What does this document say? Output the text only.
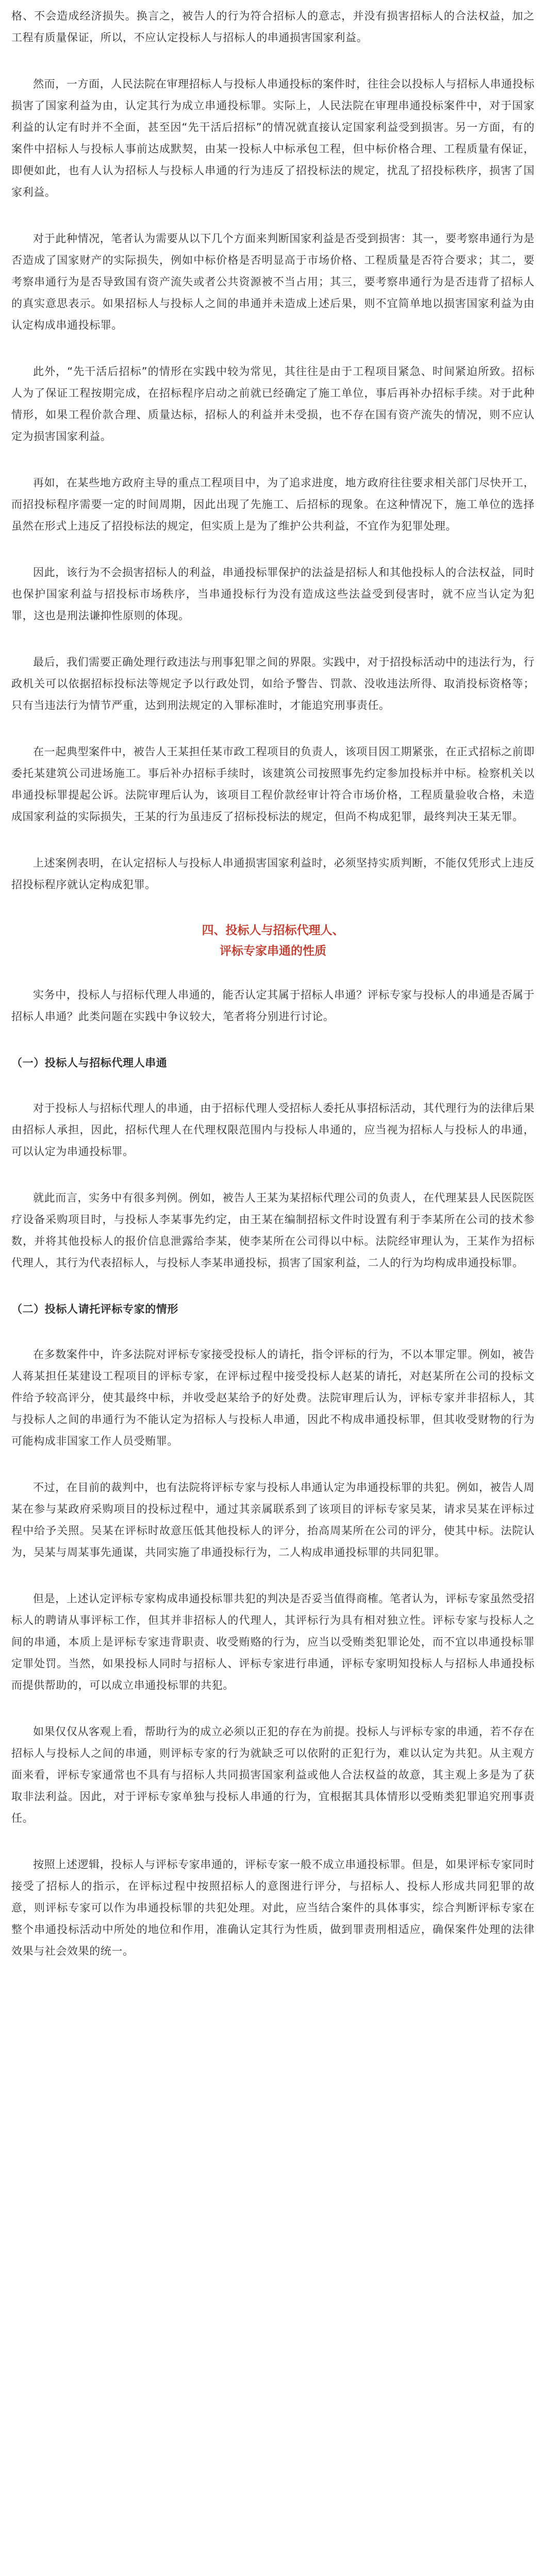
格、不会造成经济损失。换言之，被告人的行为符合招标人的意志，并没有损害招标人的合法权益，加之工程有质量保证，所以，不应认定投标人与招标人的串通损害国家利益。

然而，一方面，人民法院在审理招标人与投标人串通投标的案件时，往往会以投标人与招标人串通投标损害了国家利益为由，认定其行为成立串通投标罪。实际上，人民法院在审理串通投标案件中，对于国家利益的认定有时并不全面，甚至因“先干活后招标”的情况就直接认定国家利益受到损害。另一方面，有的案件中招标人与投标人事前达成默契，由某一投标人中标承包工程，但中标价格合理、工程质量有保证，即便如此，也有人认为招标人与投标人串通的行为违反了招投标法的规定，扰乱了招投标秩序，损害了国家利益。

对于此种情况，笔者认为需要从以下几个方面来判断国家利益是否受到损害：其一，要考察串通行为是否造成了国家财产的实际损失，例如中标价格是否明显高于市场价格、工程质量是否符合要求；其二，要考察串通行为是否导致国有资产流失或者公共资源被不当占用；其三，要考察串通行为是否违背了招标人的真实意思表示。如果招标人与投标人之间的串通并未造成上述后果，则不宜简单地以损害国家利益为由认定构成串通投标罪。

此外，“先干活后招标”的情形在实践中较为常见，其往往是由于工程项目紧急、时间紧迫所致。招标人为了保证工程按期完成，在招标程序启动之前就已经确定了施工单位，事后再补办招标手续。对于此种情形，如果工程价款合理、质量达标，招标人的利益并未受损，也不存在国有资产流失的情况，则不应认定为损害国家利益。

再如，在某些地方政府主导的重点工程项目中，为了追求进度，地方政府往往要求相关部门尽快开工，而招投标程序需要一定的时间周期，因此出现了先施工、后招标的现象。在这种情况下，施工单位的选择虽然在形式上违反了招投标法的规定，但实质上是为了维护公共利益，不宜作为犯罪处理。

因此，该行为不会损害招标人的利益，串通投标罪保护的法益是招标人和其他投标人的合法权益，同时也保护国家利益与招投标市场秩序，当串通投标行为没有造成这些法益受到侵害时，就不应当认定为犯罪，这也是刑法谦抑性原则的体现。

最后，我们需要正确处理行政违法与刑事犯罪之间的界限。实践中，对于招投标活动中的违法行为，行政机关可以依据招标投标法等规定予以行政处罚，如给予警告、罚款、没收违法所得、取消投标资格等；只有当违法行为情节严重，达到刑法规定的入罪标准时，才能追究刑事责任。

在一起典型案件中，被告人王某担任某市政工程项目的负责人，该项目因工期紧张，在正式招标之前即委托某建筑公司进场施工。事后补办招标手续时，该建筑公司按照事先约定参加投标并中标。检察机关以串通投标罪提起公诉。法院审理后认为，该项目工程价款经审计符合市场价格，工程质量验收合格，未造成国家利益的实际损失，王某的行为虽违反了招标投标法的规定，但尚不构成犯罪，最终判决王某无罪。

上述案例表明，在认定招标人与投标人串通损害国家利益时，必须坚持实质判断，不能仅凭形式上违反招投标程序就认定构成犯罪。

四、投标人与招标代理人、
评标专家串通的性质

实务中，投标人与招标代理人串通的，能否认定其属于招标人串通？评标专家与投标人的串通是否属于招标人串通？此类问题在实践中争议较大，笔者将分别进行讨论。

（一）投标人与招标代理人串通

对于投标人与招标代理人的串通，由于招标代理人受招标人委托从事招标活动，其代理行为的法律后果由招标人承担，因此，招标代理人在代理权限范围内与投标人串通的，应当视为招标人与投标人的串通，可以认定为串通投标罪。

就此而言，实务中有很多判例。例如，被告人王某为某招标代理公司的负责人，在代理某县人民医院医疗设备采购项目时，与投标人李某事先约定，由王某在编制招标文件时设置有利于李某所在公司的技术参数，并将其他投标人的报价信息泄露给李某，使李某所在公司得以中标。法院经审理认为，王某作为招标代理人，其行为代表招标人，与投标人李某串通投标，损害了国家利益，二人的行为均构成串通投标罪。

（二）投标人请托评标专家的情形

在多数案件中，许多法院对评标专家接受投标人的请托，指令评标的行为，不以本罪定罪。例如，被告人蒋某担任某建设工程项目的评标专家，在评标过程中接受投标人赵某的请托，对赵某所在公司的投标文件给予较高评分，使其最终中标，并收受赵某给予的好处费。法院审理后认为，评标专家并非招标人，其与投标人之间的串通行为不能认定为招标人与投标人串通，因此不构成串通投标罪，但其收受财物的行为可能构成非国家工作人员受贿罪。

不过，在目前的裁判中，也有法院将评标专家与投标人串通认定为串通投标罪的共犯。例如，被告人周某在参与某政府采购项目的投标过程中，通过其亲属联系到了该项目的评标专家吴某，请求吴某在评标过程中给予关照。吴某在评标时故意压低其他投标人的评分，抬高周某所在公司的评分，使其中标。法院认为，吴某与周某事先通谋，共同实施了串通投标行为，二人构成串通投标罪的共同犯罪。

但是，上述认定评标专家构成串通投标罪共犯的判决是否妥当值得商榷。笔者认为，评标专家虽然受招标人的聘请从事评标工作，但其并非招标人的代理人，其评标行为具有相对独立性。评标专家与投标人之间的串通，本质上是评标专家违背职责、收受贿赂的行为，应当以受贿类犯罪论处，而不宜以串通投标罪定罪处罚。当然，如果投标人同时与招标人、评标专家进行串通，评标专家明知投标人与招标人串通投标而提供帮助的，可以成立串通投标罪的共犯。

如果仅仅从客观上看，帮助行为的成立必须以正犯的存在为前提。投标人与评标专家的串通，若不存在招标人与投标人之间的串通，则评标专家的行为就缺乏可以依附的正犯行为，难以认定为共犯。从主观方面来看，评标专家通常也不具有与招标人共同损害国家利益或他人合法权益的故意，其主观上多是为了获取非法利益。因此，对于评标专家单独与投标人串通的行为，宜根据其具体情形以受贿类犯罪追究刑事责任。

按照上述逻辑，投标人与评标专家串通的，评标专家一般不成立串通投标罪。但是，如果评标专家同时接受了招标人的指示，在评标过程中按照招标人的意图进行评分，与招标人、投标人形成共同犯罪的故意，则评标专家可以作为串通投标罪的共犯处理。对此，应当结合案件的具体事实，综合判断评标专家在整个串通投标活动中所处的地位和作用，准确认定其行为性质，做到罪责刑相适应，确保案件处理的法律效果与社会效果的统一。
